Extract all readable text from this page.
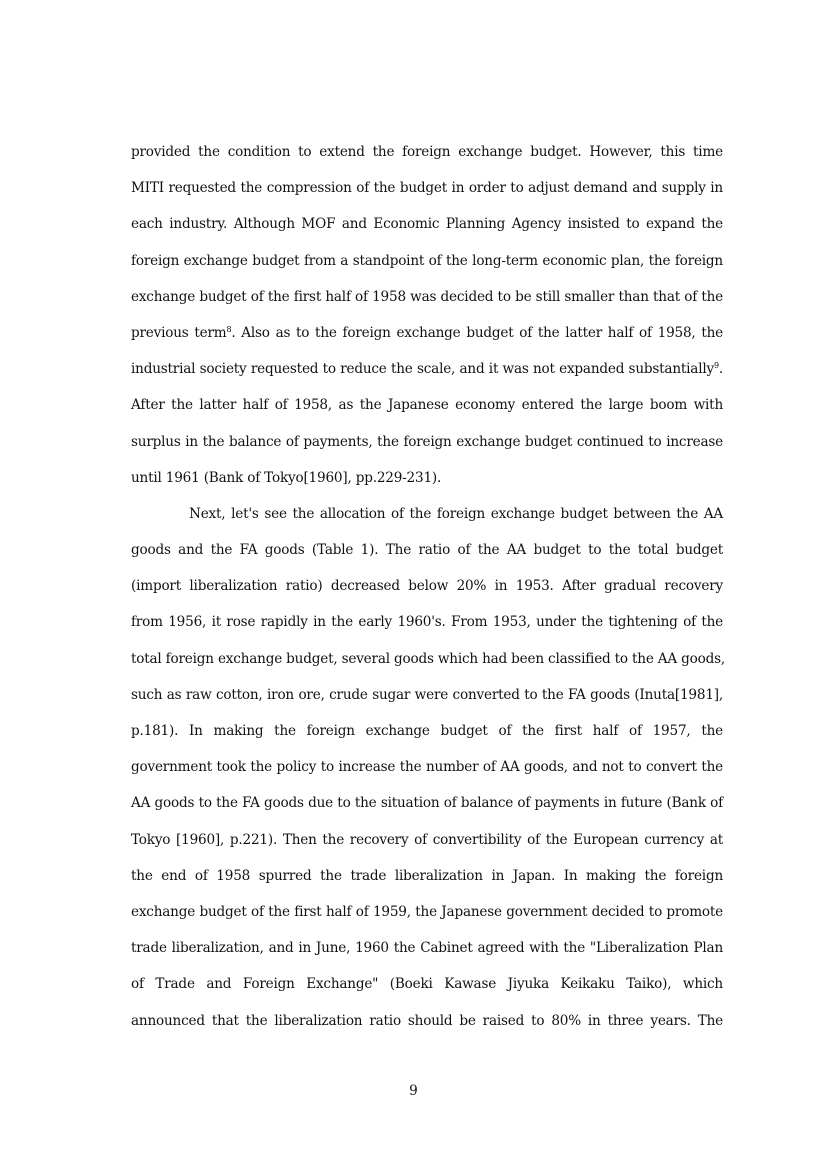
provided the condition to extend the foreign exchange budget. However, this time
MITI requested the compression of the budget in order to adjust demand and supply in
each industry. Although MOF and Economic Planning Agency insisted to expand the
foreign exchange budget from a standpoint of the long-term economic plan, the foreign
exchange budget of the first half of 1958 was decided to be still smaller than that of the
previous term$^8$. Also as to the foreign exchange budget of the latter half of 1958, the
industrial society requested to reduce the scale, and it was not expanded substantially$^9$.
After the latter half of 1958, as the Japanese economy entered the large boom with
surplus in the balance of payments, the foreign exchange budget continued to increase
until 1961 (Bank of Tokyo[1960], pp.229-231).
Next, let's see the allocation of the foreign exchange budget between the AA
goods and the FA goods (Table 1). The ratio of the AA budget to the total budget
(import liberalization ratio) decreased below 20% in 1953. After gradual recovery
from 1956, it rose rapidly in the early 1960's. From 1953, under the tightening of the
total foreign exchange budget, several goods which had been classified to the AA goods,
such as raw cotton, iron ore, crude sugar were converted to the FA goods (Inuta[1981],
p.181). In making the foreign exchange budget of the first half of 1957, the
government took the policy to increase the number of AA goods, and not to convert the
AA goods to the FA goods due to the situation of balance of payments in future (Bank of
Tokyo [1960], p.221). Then the recovery of convertibility of the European currency at
the end of 1958 spurred the trade liberalization in Japan. In making the foreign
exchange budget of the first half of 1959, the Japanese government decided to promote
trade liberalization, and in June, 1960 the Cabinet agreed with the "Liberalization Plan
of Trade and Foreign Exchange" (Boeki Kawase Jiyuka Keikaku Taiko), which
announced that the liberalization ratio should be raised to 80% in three years. The
9
